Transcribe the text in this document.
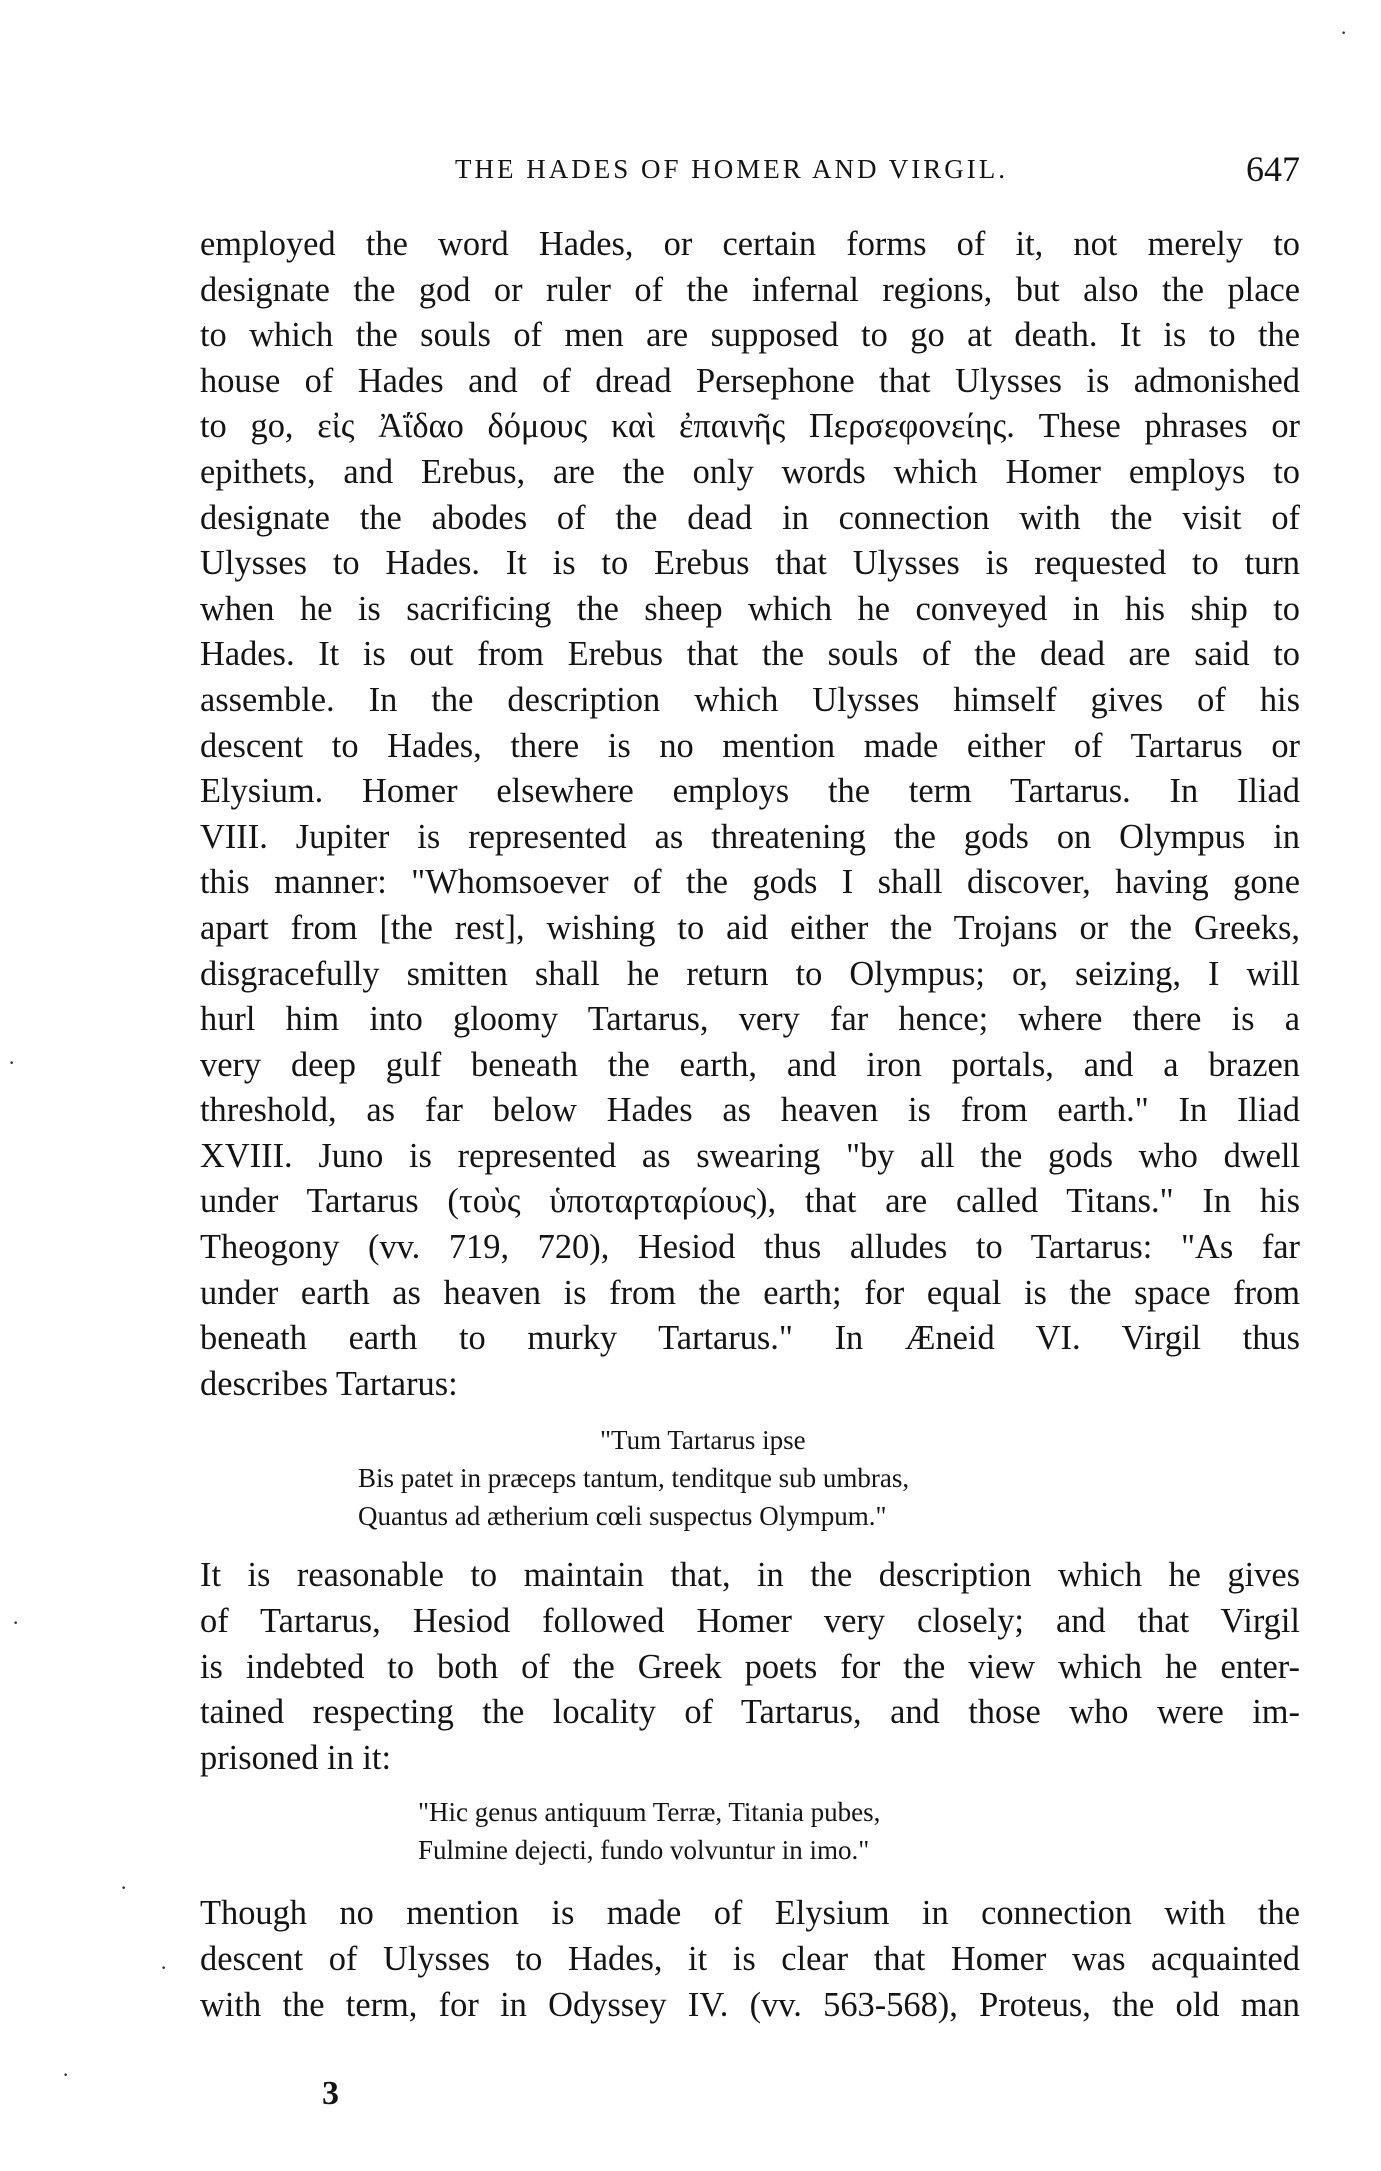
THE HADES OF HOMER AND VIRGIL.	647

employed the word Hades, or certain forms of it, not merely to
designate the god or ruler of the infernal regions, but also the place
to which the souls of men are supposed to go at death. It is to the
house of Hades and of dread Persephone that Ulysses is admonished
to go, εἰς Ἀΐδαο δόμους καὶ ἐπαινῆς Περσεφονείης. These phrases or
epithets, and Erebus, are the only words which Homer employs to
designate the abodes of the dead in connection with the visit of
Ulysses to Hades. It is to Erebus that Ulysses is requested to turn
when he is sacrificing the sheep which he conveyed in his ship to
Hades. It is out from Erebus that the souls of the dead are said to
assemble. In the description which Ulysses himself gives of his
descent to Hades, there is no mention made either of Tartarus or
Elysium. Homer elsewhere employs the term Tartarus. In Iliad
VIII. Jupiter is represented as threatening the gods on Olympus in
this manner: "Whomsoever of the gods I shall discover, having gone
apart from [the rest], wishing to aid either the Trojans or the Greeks,
disgracefully smitten shall he return to Olympus; or, seizing, I will
hurl him into gloomy Tartarus, very far hence; where there is a
very deep gulf beneath the earth, and iron portals, and a brazen
threshold, as far below Hades as heaven is from earth." In Iliad
XVIII. Juno is represented as swearing "by all the gods who dwell
under Tartarus (τοὺς ὑποταρταρίους), that are called Titans." In his
Theogony (vv. 719, 720), Hesiod thus alludes to Tartarus: "As far
under earth as heaven is from the earth; for equal is the space from
beneath earth to murky Tartarus." In Æneid VI. Virgil thus
describes Tartarus:

"Tum Tartarus ipse
Bis patet in præceps tantum, tenditque sub umbras,
Quantus ad ætherium cœli suspectus Olympum."

It is reasonable to maintain that, in the description which he gives
of Tartarus, Hesiod followed Homer very closely; and that Virgil
is indebted to both of the Greek poets for the view which he enter-
tained respecting the locality of Tartarus, and those who were im-
prisoned in it:

"Hic genus antiquum Terræ, Titania pubes,
Fulmine dejecti, fundo volvuntur in imo."

Though no mention is made of Elysium in connection with the
descent of Ulysses to Hades, it is clear that Homer was acquainted
with the term, for in Odyssey IV. (vv. 563-568), Proteus, the old man

3
·
·
·
·
·
·
